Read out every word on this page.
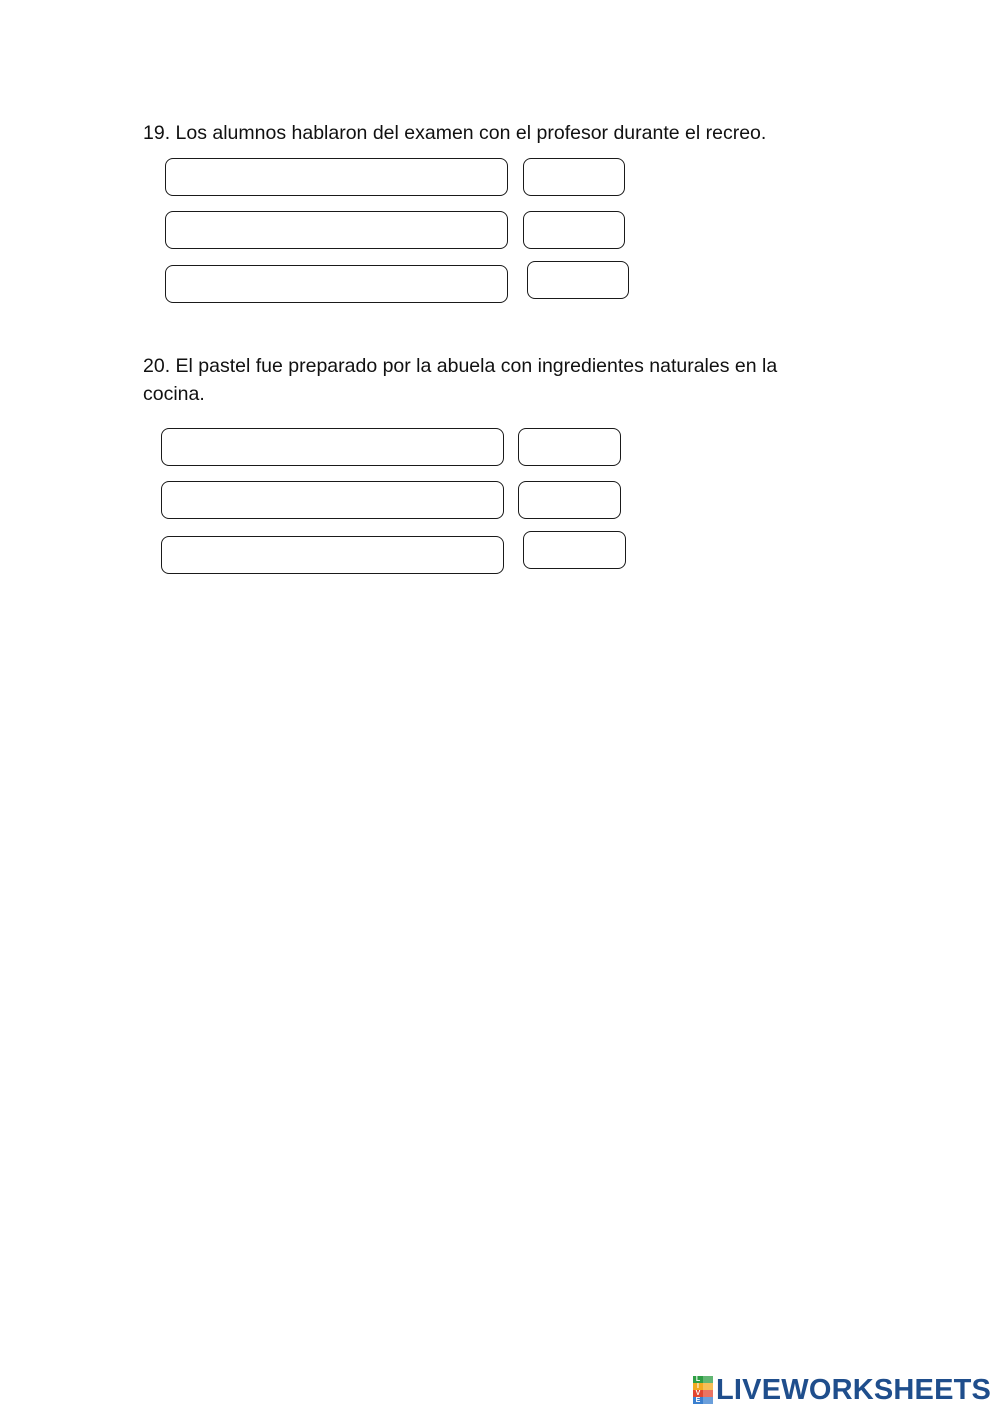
19. Los alumnos hablaron del examen con el profesor durante el recreo.

20. El pastel fue preparado por la abuela con ingredientes naturales en la cocina.

L
I
V
E LIVEWORKSHEETS
